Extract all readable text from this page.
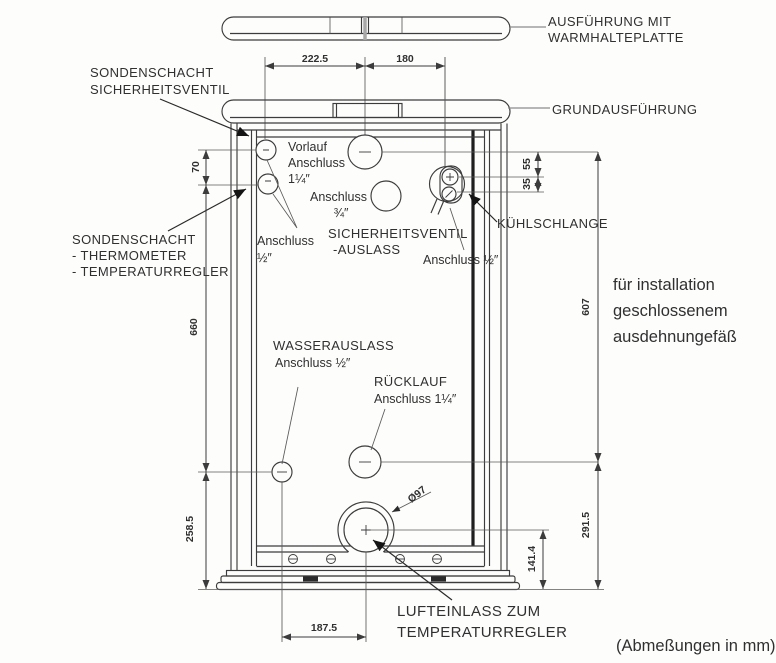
222.5	180
70
660
258.5
55
35
607
291.5
141.4
187.5
Ø97
AUSFÜHRUNG MIT
WARMHALTEPLATTE
GRUNDAUSFÜHRUNG
SONDENSCHACHT
SICHERHEITSVENTIL
SONDENSCHACHT
- THERMOMETER
- TEMPERATURREGLER
Vorlauf
Anschluss
1¼″
Anschluss
½″
Anschluss
¾″
SICHERHEITSVENTIL
-AUSLASS
Anschluss ½″
KÜHLSCHLANGE
WASSERAUSLASS
Anschluss ½″
RÜCKLAUF
Anschluss 1¼″
LUFTEINLASS ZUM
TEMPERATURREGLER
für installation
geschlossenem
ausdehnungefäß
(Abmeßungen in mm)
